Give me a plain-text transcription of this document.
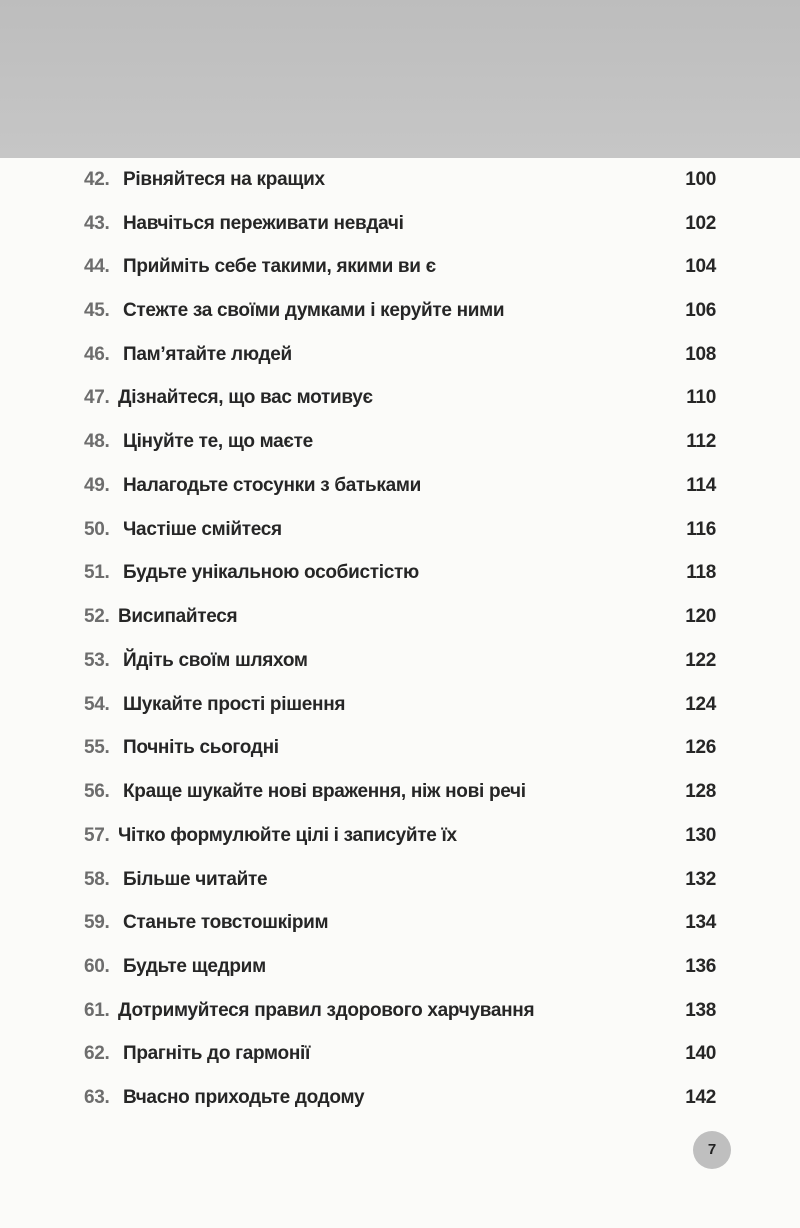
42. Рівняйтеся на кращих	100
43. Навчіться переживати невдачі	102
44. Прийміть себе такими, якими ви є	104
45. Стежте за своїми думками і керуйте ними	106
46. Пам’ятайте людей	108
47. Дізнайтеся, що вас мотивує	110
48. Цінуйте те, що маєте	112
49. Налагодьте стосунки з батьками	114
50. Частіше смійтеся	116
51. Будьте унікальною особистістю	118
52. Висипайтеся	120
53. Йдіть своїм шляхом	122
54. Шукайте прості рішення	124
55. Почніть сьогодні	126
56. Краще шукайте нові враження, ніж нові речі	128
57. Чітко формулюйте цілі і записуйте їх	130
58. Більше читайте	132
59. Станьте товстошкірим	134
60. Будьте щедрим	136
61. Дотримуйтеся правил здорового харчування	138
62. Прагніть до гармонії	140
63. Вчасно приходьте додому	142
7
